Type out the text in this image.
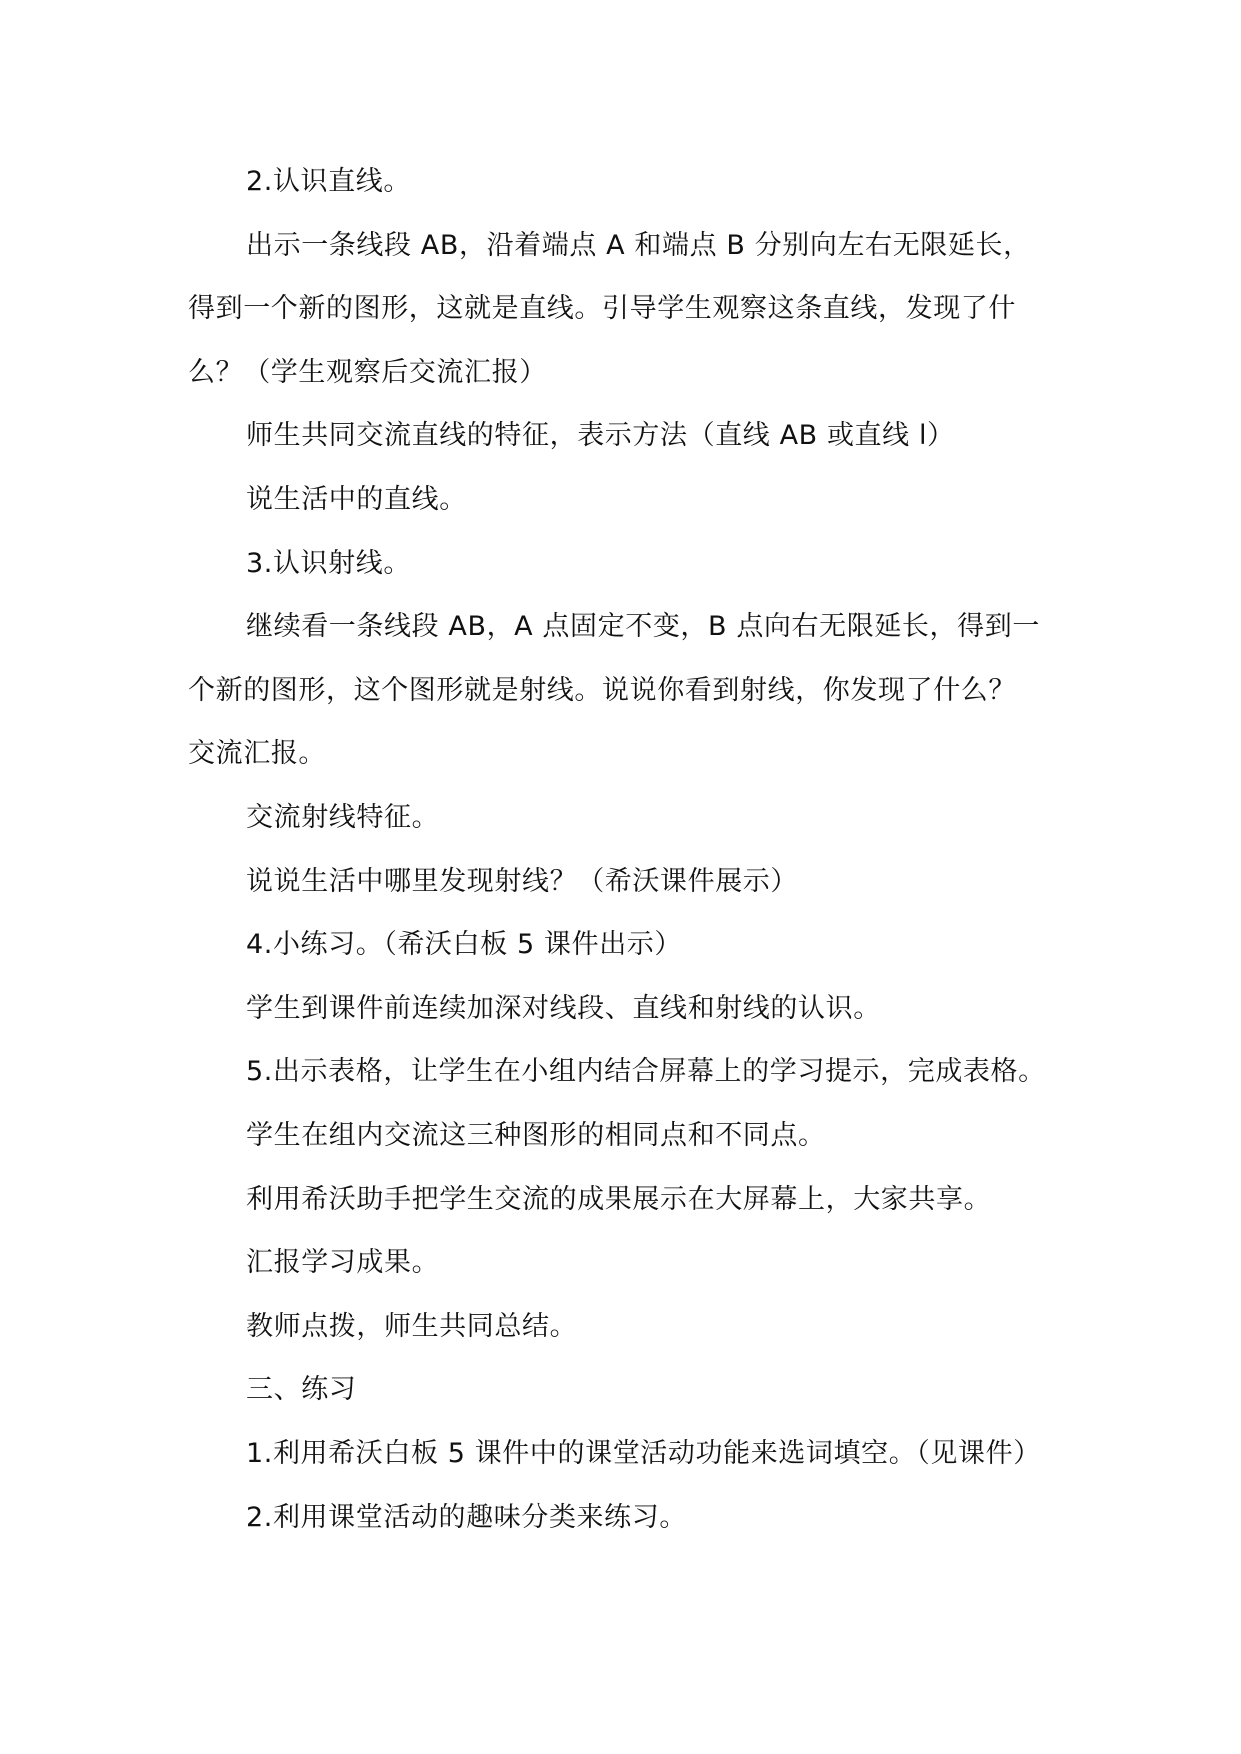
2.认识直线。
出示一条线段 AB，沿着端点 A 和端点 B 分别向左右无限延长，
得到一个新的图形，这就是直线。引导学生观察这条直线，发现了什
么？（学生观察后交流汇报）
师生共同交流直线的特征，表示方法（直线 AB 或直线 l）
说生活中的直线。
3.认识射线。
继续看一条线段 AB，A 点固定不变，B 点向右无限延长，得到一
个新的图形，这个图形就是射线。说说你看到射线，你发现了什么？
交流汇报。
交流射线特征。
说说生活中哪里发现射线？（希沃课件展示）
4.小练习。（希沃白板 5 课件出示）
学生到课件前连续加深对线段、直线和射线的认识。
5.出示表格，让学生在小组内结合屏幕上的学习提示，完成表格。
学生在组内交流这三种图形的相同点和不同点。
利用希沃助手把学生交流的成果展示在大屏幕上，大家共享。
汇报学习成果。
教师点拨，师生共同总结。
三、练习
1.利用希沃白板 5 课件中的课堂活动功能来选词填空。（见课件）
2.利用课堂活动的趣味分类来练习。
